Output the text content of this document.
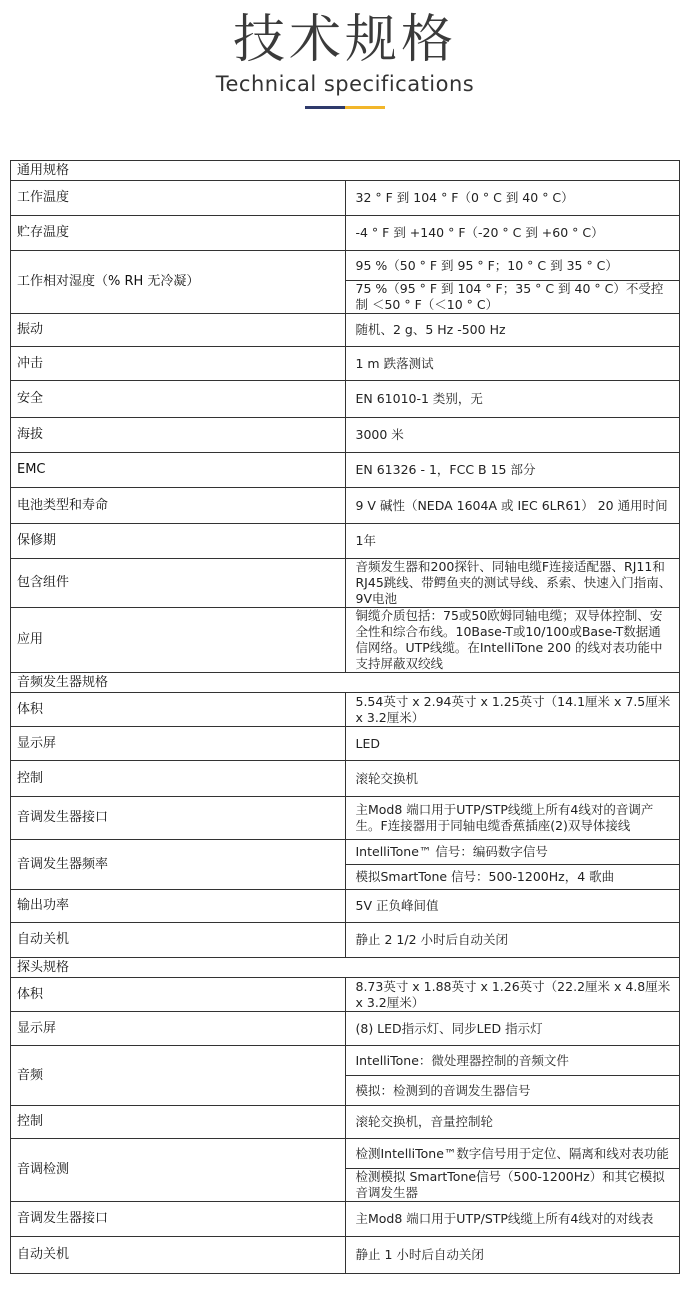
技术规格
Technical specifications
通用规格	
工作温度	32 ° F 到 104 ° F（0 ° C 到 40 ° C）
贮存温度	-4 ° F 到 +140 ° F（-20 ° C 到 +60 ° C）
工作相对湿度（% RH 无冷凝）	95 %（50 ° F 到 95 ° F；10 ° C 到 35 ° C）
	75 %（95 ° F 到 104 ° F；35 ° C 到 40 ° C）不受控制 ＜50 ° F（＜10 ° C）
振动	随机、2 g、5 Hz -500 Hz
冲击	1 m 跌落测试
安全	EN 61010-1 类别，无
海拔	3000 米
EMC	EN 61326 - 1，FCC B 15 部分
电池类型和寿命	9 V 碱性（NEDA 1604A 或 IEC 6LR61） 20 通用时间
保修期	1年
包含组件	音频发生器和200探针、同轴电缆F连接适配器、RJ11和RJ45跳线、带鳄鱼夹的测试导线、系索、快速入门指南、9V电池
应用	铜缆介质包括：75或50欧姆同轴电缆；双导体控制、安全性和综合布线。10Base-T或10/100或Base-T数据通信网络。UTP线缆。在IntelliTone 200 的线对表功能中支持屏蔽双绞线
音频发生器规格	
体积	5.54英寸 x 2.94英寸 x 1.25英寸（14.1厘米 x 7.5厘米 x 3.2厘米）
显示屏	LED
控制	滚轮交换机
音调发生器接口	主Mod8 端口用于UTP/STP线缆上所有4线对的音调产生。F连接器用于同轴电缆香蕉插座(2)双导体接线
音调发生器频率	IntelliTone™ 信号：编码数字信号
	模拟SmartTone 信号：500-1200Hz，4 歌曲
输出功率	5V 正负峰间值
自动关机	静止 2 1/2 小时后自动关闭
探头规格	
体积	8.73英寸 x 1.88英寸 x 1.26英寸（22.2厘米 x 4.8厘米 x 3.2厘米）
显示屏	(8) LED指示灯、同步LED 指示灯
音频	IntelliTone：微处理器控制的音频文件
	模拟：检测到的音调发生器信号
控制	滚轮交换机，音量控制轮
音调检测	检测IntelliTone™数字信号用于定位、隔离和线对表功能
	检测模拟 SmartTone信号（500-1200Hz）和其它模拟音调发生器
音调发生器接口	主Mod8 端口用于UTP/STP线缆上所有4线对的对线表
自动关机	静止 1 小时后自动关闭
